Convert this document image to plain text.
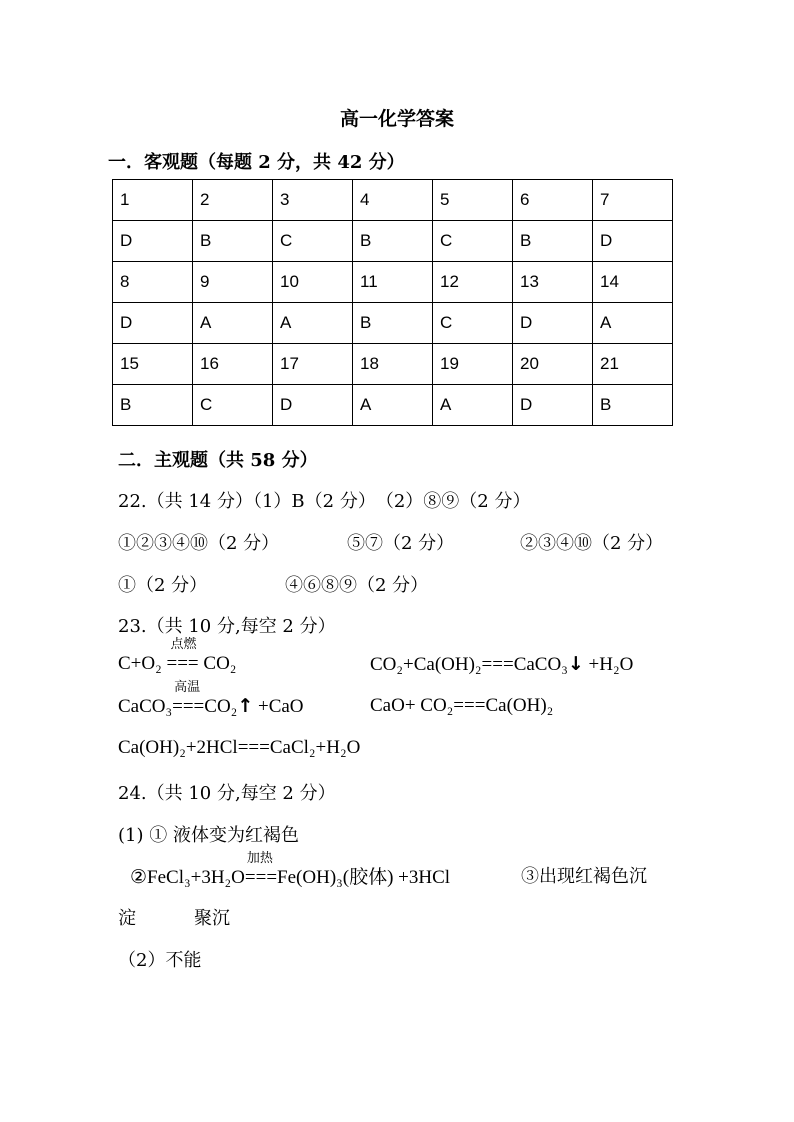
高一化学答案
一．客观题（每题 2 分，共 42 分）
1	2	3	4	5	6	7
D	B	C	B	C	B	D
8	9	10	11	12	13	14
D	A	A	B	C	D	A
15	16	17	18	19	20	21
B	C	D	A	A	D	B
二．主观题（共 58 分）
22.（共 14 分）（1）B（2 分）　（2）⑧⑨（2 分）
①②③④⑩（2 分）	⑤⑦（2 分）	②③④⑩（2 分）
①（2 分）	④⑥⑧⑨（2 分）
23.（共 10 分,每空 2 分）
C+O₂
点燃
=== CO₂	CO₂+Ca(OH)₂===CaCO₃↓ +H₂O
CaCO₃
高温
===CO₂↑ +CaO	CaO+ CO₂===Ca(OH)₂
Ca(OH)₂+2HCl===CaCl₂+H₂O
24.（共 10 分,每空 2 分）
(1) ① 液体变为红褐色
②FeCl₃+3H₂O
加热
===Fe(OH)₃(胶体) +3HCl	③出现红褐色沉
淀	聚沉
（2）不能
